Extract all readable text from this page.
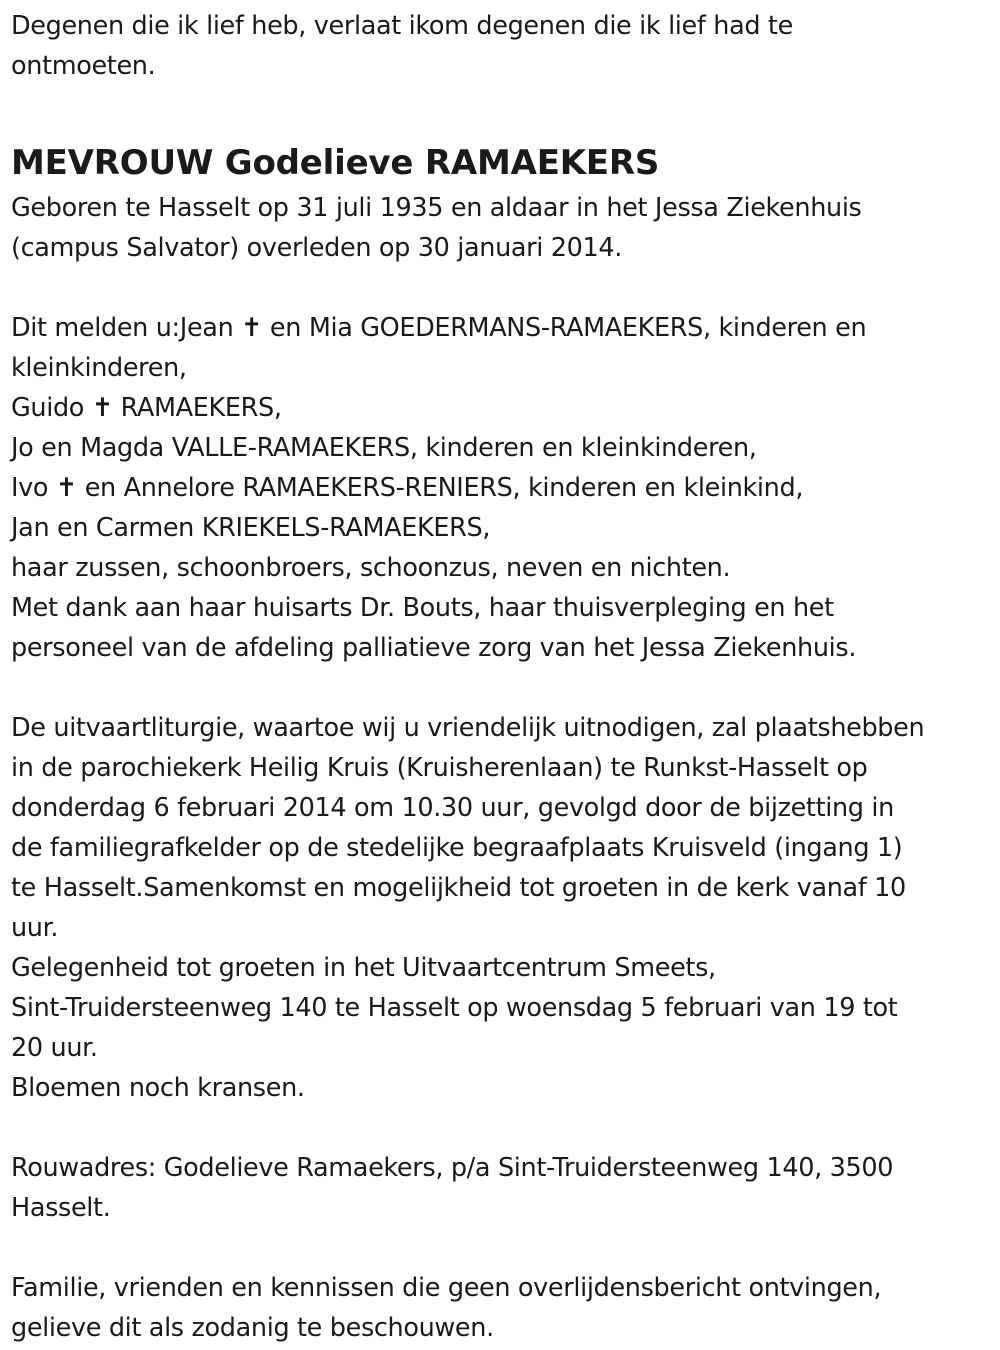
Degenen die ik lief heb, verlaat ikom degenen die ik lief had te
ontmoeten.
MEVROUW Godelieve RAMAEKERS
Geboren te Hasselt op 31 juli 1935 en aldaar in het Jessa Ziekenhuis
(campus Salvator) overleden op 30 januari 2014.
Dit melden u:Jean ✝ en Mia GOEDERMANS-RAMAEKERS, kinderen en
kleinkinderen,
Guido ✝ RAMAEKERS,
Jo en Magda VALLE-RAMAEKERS, kinderen en kleinkinderen,
Ivo ✝ en Annelore RAMAEKERS-RENIERS, kinderen en kleinkind,
Jan en Carmen KRIEKELS-RAMAEKERS,
haar zussen, schoonbroers, schoonzus, neven en nichten.
Met dank aan haar huisarts Dr. Bouts, haar thuisverpleging en het
personeel van de afdeling palliatieve zorg van het Jessa Ziekenhuis.
De uitvaartliturgie, waartoe wij u vriendelijk uitnodigen, zal plaatshebben
in de parochiekerk Heilig Kruis (Kruisherenlaan) te Runkst-Hasselt op
donderdag 6 februari 2014 om 10.30 uur, gevolgd door de bijzetting in
de familiegrafkelder op de stedelijke begraafplaats Kruisveld (ingang 1)
te Hasselt.Samenkomst en mogelijkheid tot groeten in de kerk vanaf 10
uur.
Gelegenheid tot groeten in het Uitvaartcentrum Smeets,
Sint-Truidersteenweg 140 te Hasselt op woensdag 5 februari van 19 tot
20 uur.
Bloemen noch kransen.
Rouwadres: Godelieve Ramaekers, p/a Sint-Truidersteenweg 140, 3500
Hasselt.
Familie, vrienden en kennissen die geen overlijdensbericht ontvingen,
gelieve dit als zodanig te beschouwen.
